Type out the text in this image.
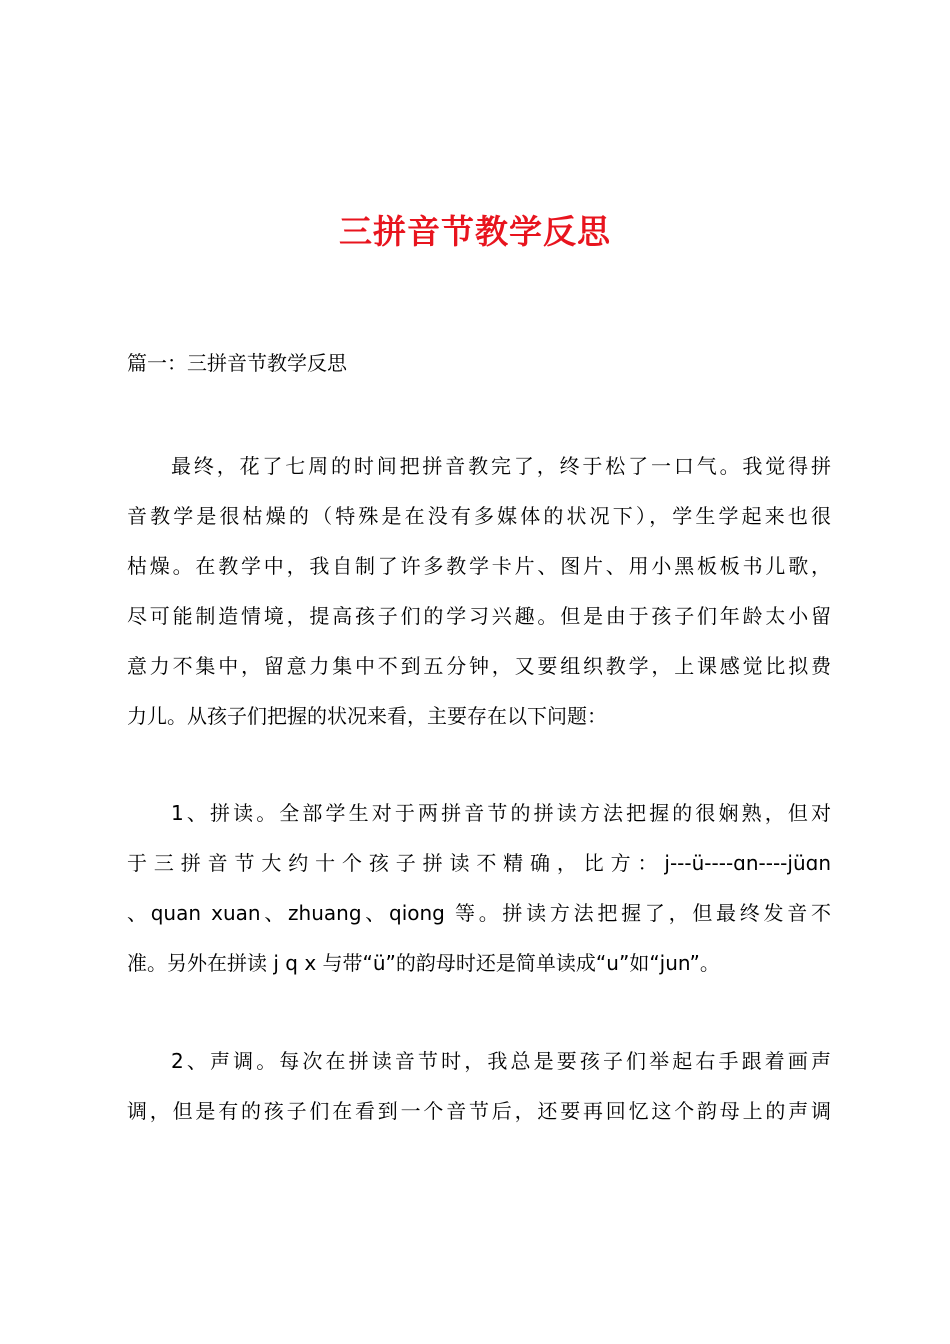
三拼音节教学反思
篇一：三拼音节教学反思
最终，花了七周的时间把拼音教完了，终于松了一口气。我觉得拼
音教学是很枯燥的（特殊是在没有多媒体的状况下），学生学起来也很
枯燥。在教学中，我自制了许多教学卡片、图片、用小黑板板书儿歌，
尽可能制造情境，提高孩子们的学习兴趣。但是由于孩子们年龄太小留
意力不集中，留意力集中不到五分钟，又要组织教学，上课感觉比拟费
力儿。从孩子们把握的状况来看，主要存在以下问题：
1、拼读。全部学生对于两拼音节的拼读方法把握的很娴熟，但对
于三拼音节大约十个孩子拼读不精确，比方：j---ü----ɑn----jüɑn
、quan xuan、zhuang、qiong 等。拼读方法把握了，但最终发音不
准。另外在拼读 j q x 与带“ü”的韵母时还是简单读成“u”如“jun”。
2、声调。每次在拼读音节时，我总是要孩子们举起右手跟着画声
调，但是有的孩子们在看到一个音节后，还要再回忆这个韵母上的声调
